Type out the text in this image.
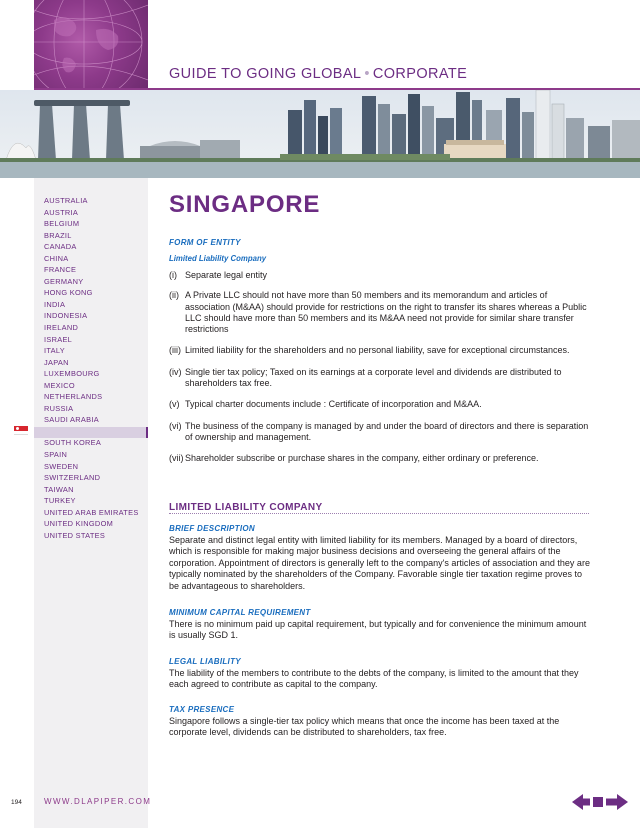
GUIDE TO GOING GLOBAL • CORPORATE
AUSTRALIA
AUSTRIA
BELGIUM
BRAZIL
CANADA
CHINA
FRANCE
GERMANY
HONG KONG
INDIA
INDONESIA
IRELAND
ISRAEL
ITALY
JAPAN
LUXEMBOURG
MEXICO
NETHERLANDS
RUSSIA
SAUDI ARABIA
SOUTH KOREA
SPAIN
SWEDEN
SWITZERLAND
TAIWAN
TURKEY
UNITED ARAB EMIRATES
UNITED KINGDOM
UNITED STATES
SINGAPORE
FORM OF ENTITY
Limited Liability Company
(i) Separate legal entity
(ii) A Private LLC should not have more than 50 members and its memorandum and articles of association (M&AA) should provide for restrictions on the right to transfer its shares whereas a Public LLC should have more than 50 members and its M&AA need not provide for similar share transfer restrictions
(iii) Limited liability for the shareholders and no personal liability, save for exceptional circumstances.
(iv) Single tier tax policy; Taxed on its earnings at a corporate level and dividends are distributed to shareholders tax free.
(v) Typical charter documents include : Certificate of incorporation and M&AA.
(vi) The business of the company is managed by and under the board of directors and there is separation of ownership and management.
(vii) Shareholder subscribe or purchase shares in the company, either ordinary or preference.
LIMITED LIABILITY COMPANY
BRIEF DESCRIPTION

Separate and distinct legal entity with limited liability for its members. Managed by a board of directors, which is responsible for making major business decisions and overseeing the general affairs of the corporation. Appointment of directors is generally left to the company's articles of association and they are typically nominated by the shareholders of the Company. Favorable single tier taxation regime proves to be advantageous to shareholders.

MINIMUM CAPITAL REQUIREMENT

There is no minimum paid up capital requirement, but typically and for convenience the minimum amount is usually SGD 1.

LEGAL LIABILITY

The liability of the members to contribute to the debts of the company, is limited to the amount that they each agreed to contribute as capital to the company.

TAX PRESENCE

Singapore follows a single-tier tax policy which means that once the income has been taxed at the corporate level, dividends can be distributed to shareholders, tax free.

194	WWW.DLAPIPER.COM
